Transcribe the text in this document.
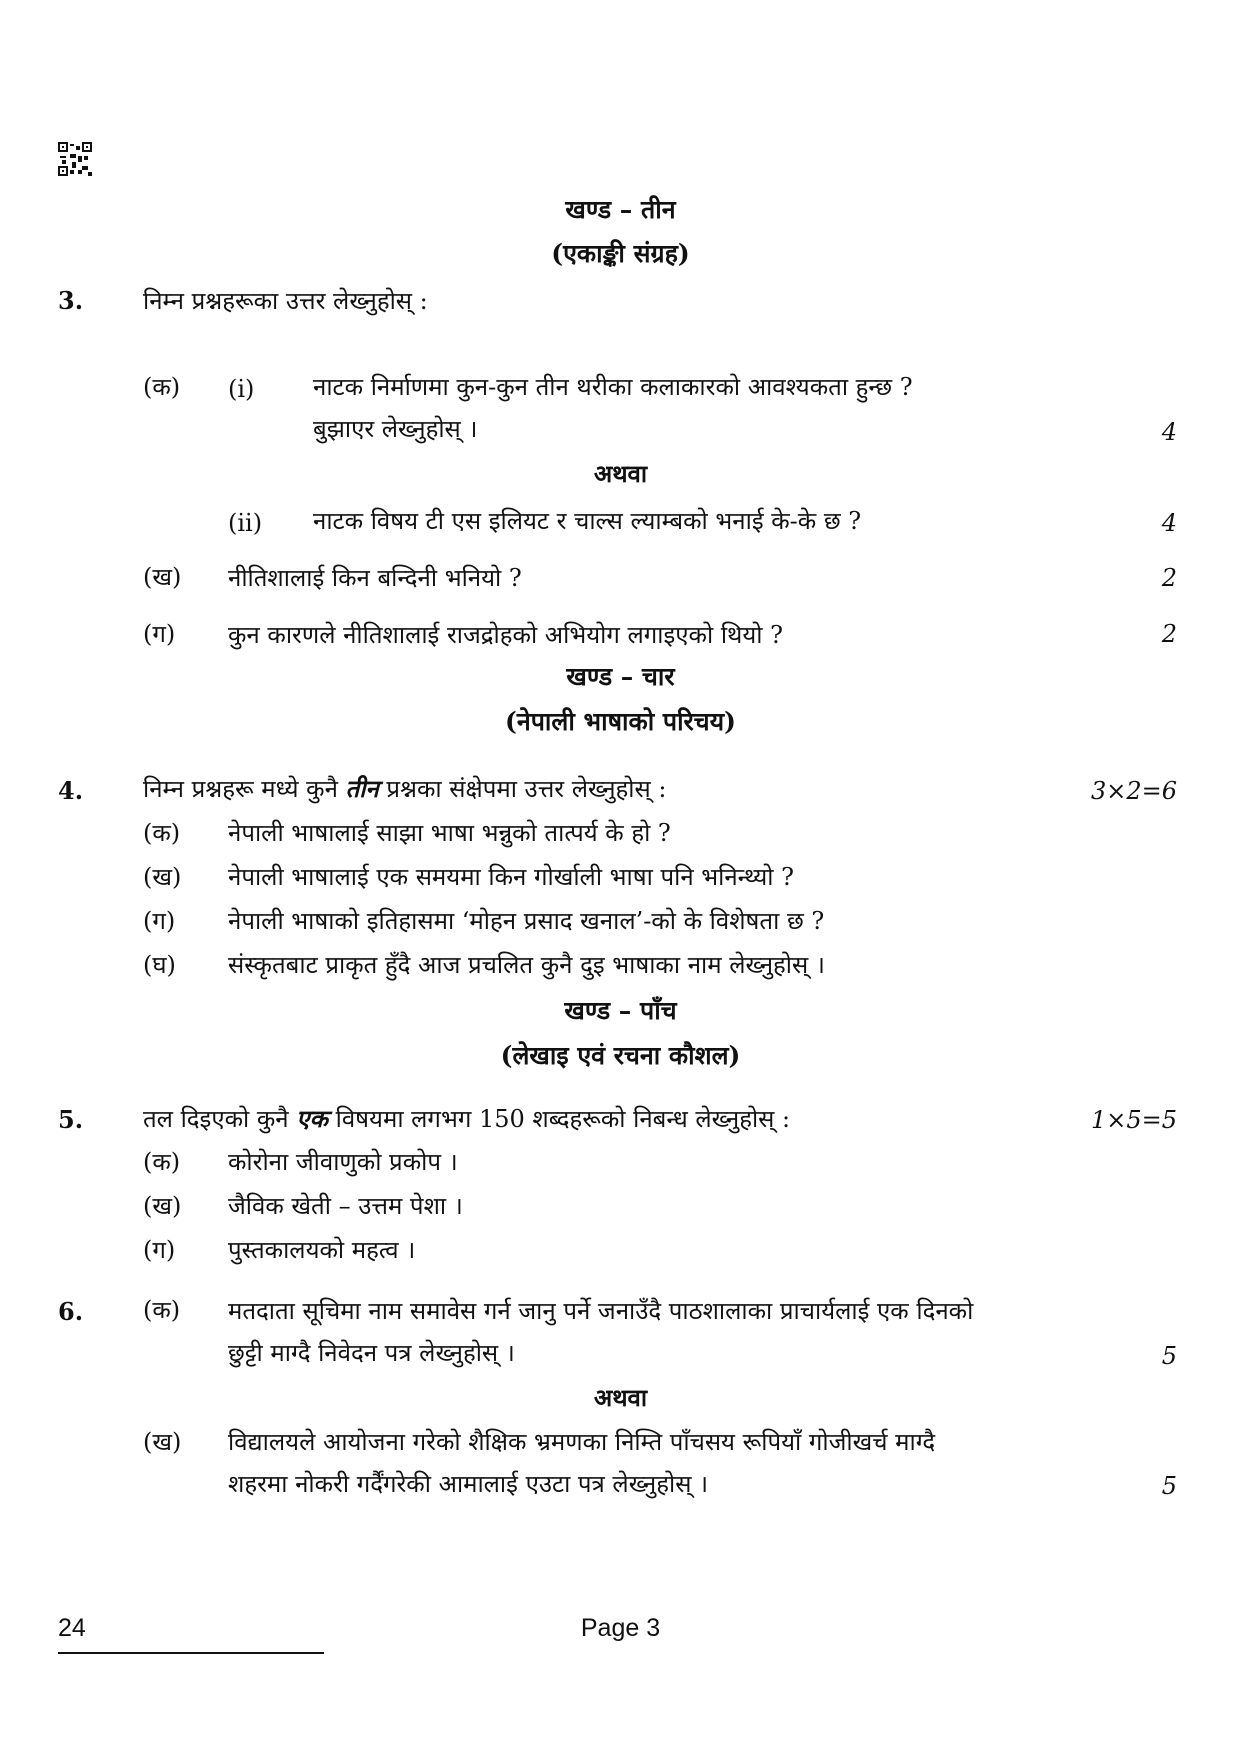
खण्ड – तीन
(एकाङ्की संग्रह)
3. निम्न प्रश्नहरूका उत्तर लेख्नुहोस् :
(क) (i) नाटक निर्माणमा कुन-कुन तीन थरीका कलाकारको आवश्यकता हुन्छ ?
बुझाएर लेख्नुहोस् ।	4
अथवा
(ii) नाटक विषय टी एस इलियट र चाल्स ल्याम्बको भनाई के-के छ ?	4
(ख) नीतिशालाई किन बन्दिनी भनियो ?	2
(ग) कुन कारणले नीतिशालाई राजद्रोहको अभियोग लगाइएको थियो ?	2
खण्ड – चार
(नेपाली भाषाको परिचय)
4. निम्न प्रश्नहरू मध्ये कुनै तीन प्रश्नका संक्षेपमा उत्तर लेख्नुहोस् :	3×2=6
(क) नेपाली भाषालाई साझा भाषा भन्नुको तात्पर्य के हो ?
(ख) नेपाली भाषालाई एक समयमा किन गोर्खाली भाषा पनि भनिन्थ्यो ?
(ग) नेपाली भाषाको इतिहासमा ‘मोहन प्रसाद खनाल’-को के विशेषता छ ?
(घ) संस्कृतबाट प्राकृत हुँदै आज प्रचलित कुनै दुइ भाषाका नाम लेख्नुहोस् ।
खण्ड – पाँच
(लेखाइ एवं रचना कौशल)
5. तल दिइएको कुनै एक विषयमा लगभग 150 शब्दहरूको निबन्ध लेख्नुहोस् :	1×5=5
(क) कोरोना जीवाणुको प्रकोप ।
(ख) जैविक खेती – उत्तम पेशा ।
(ग) पुस्तकालयको महत्व ।
6. (क) मतदाता सूचिमा नाम समावेस गर्न जानु पर्ने जनाउँदै पाठशालाका प्राचार्यलाई एक दिनको
छुट्टी माग्दै निवेदन पत्र लेख्नुहोस् ।	5
अथवा
(ख) विद्यालयले आयोजना गरेको शैक्षिक भ्रमणका निम्ति पाँचसय रूपियाँ गोजीखर्च माग्दै
शहरमा नोकरी गर्दैंगरेकी आमालाई एउटा पत्र लेख्नुहोस् ।	5
24	Page 3
